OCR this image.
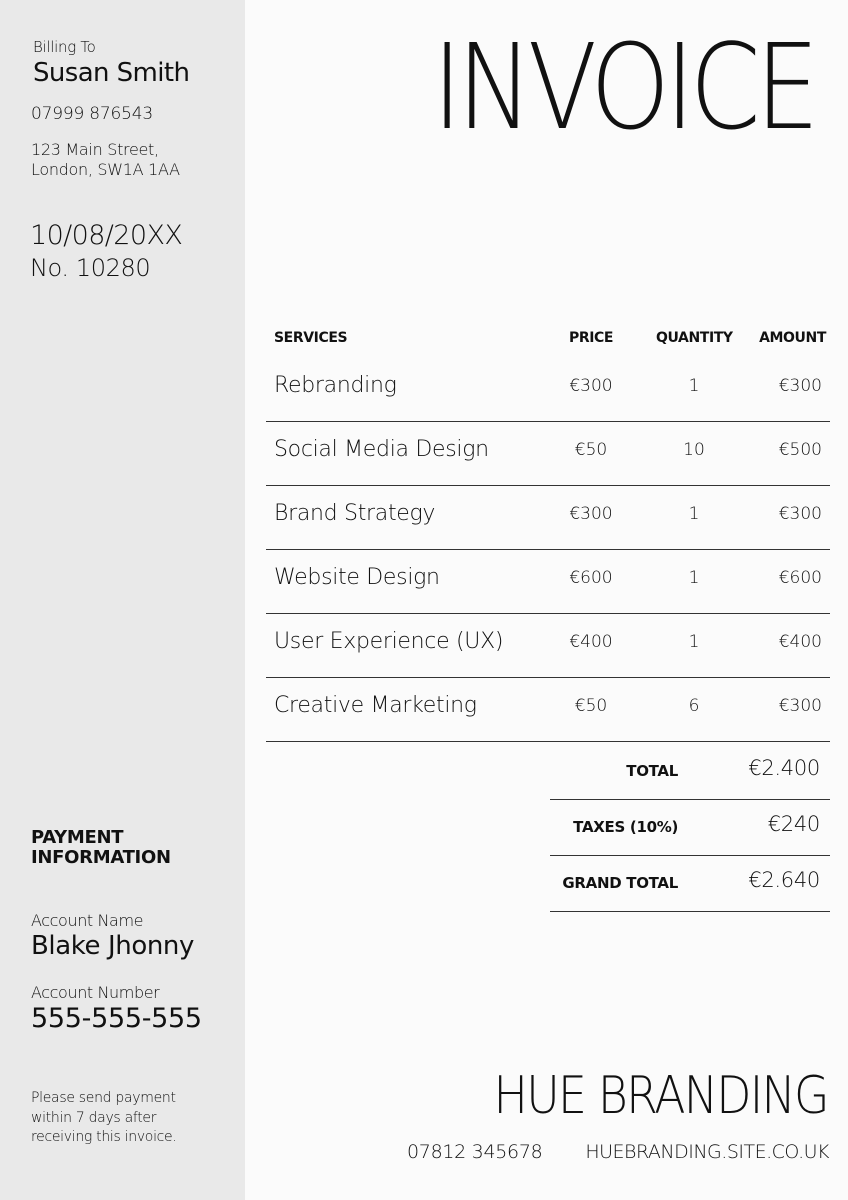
Billing To
Susan Smith
07999 876543
123 Main Street,
London, SW1A 1AA
10/08/20XX
No. 10280
PAYMENT
INFORMATION
Account Name
Blake Jhonny
Account Number
555-555-555
Please send payment within 7 days after receiving this invoice.
INVOICE
SERVICES	PRICE	QUANTITY AMOUNT
Rebranding	€300	1	€300
Social Media Design	€50	10	€500
Brand Strategy	€300	1	€300
Website Design	€600	1	€600
User Experience (UX)	€400	1	€400
Creative Marketing	€50	6	€300
TOTAL	€2.400
TAXES (10%)	€240
GRAND TOTAL	€2.640
HUE BRANDING
07812 345678 HUEBRANDING.SITE.CO.UK
